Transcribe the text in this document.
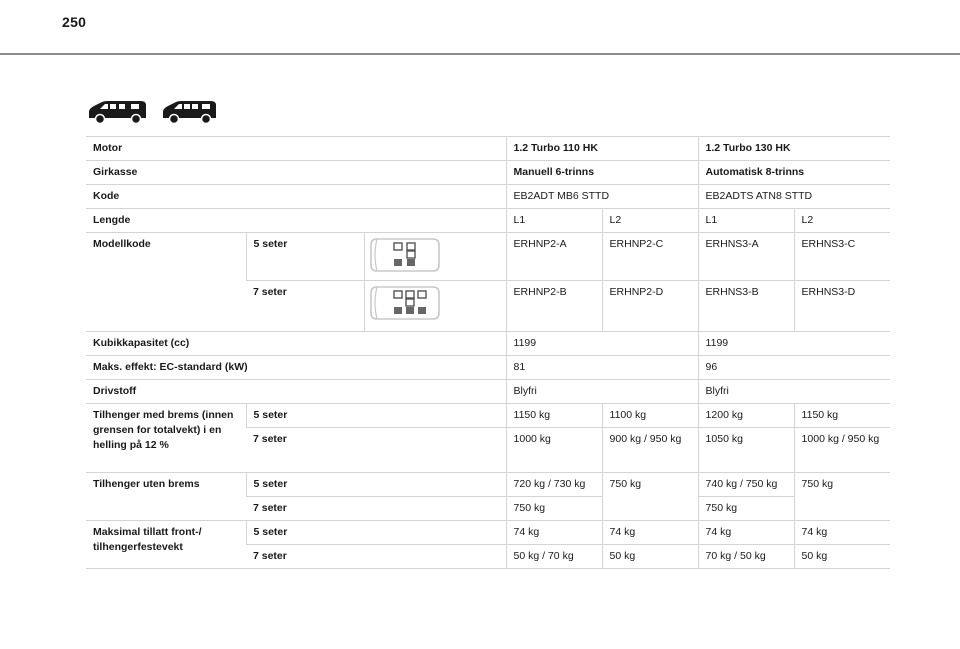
250
Motor			1.2 Turbo 110 HK		1.2 Turbo 130 HK	
Girkasse			Manuell 6-trinns		Automatisk 8-trinns	
Kode			EB2ADT MB6 STTD		EB2ADTS ATN8 STTD	
Lengde			L1	L2	L1	L2
Modellkode	5 seter		ERHNP2-A	ERHNP2-C	ERHNS3-A	ERHNS3-C
	7 seter		ERHNP2-B	ERHNP2-D	ERHNS3-B	ERHNS3-D
Kubikkapasitet (cc)			1199		1199	
Maks. effekt: EC-standard (kW)			81		96	
Drivstoff			Blyfri		Blyfri	
Tilhenger med brems (innen grensen for totalvekt) i en helling på 12 %	5 seter		1150 kg	1100 kg	1200 kg	1150 kg
	7 seter		1000 kg	900 kg / 950 kg	1050 kg	1000 kg / 950 kg
Tilhenger uten brems	5 seter		720 kg / 730 kg	750 kg	740 kg / 750 kg	750 kg
	7 seter		750 kg		750 kg	
Maksimal tillatt front-/ tilhengerfestevekt	5 seter		74 kg	74 kg	74 kg	74 kg
	7 seter		50 kg / 70 kg	50 kg	70 kg / 50 kg	50 kg
